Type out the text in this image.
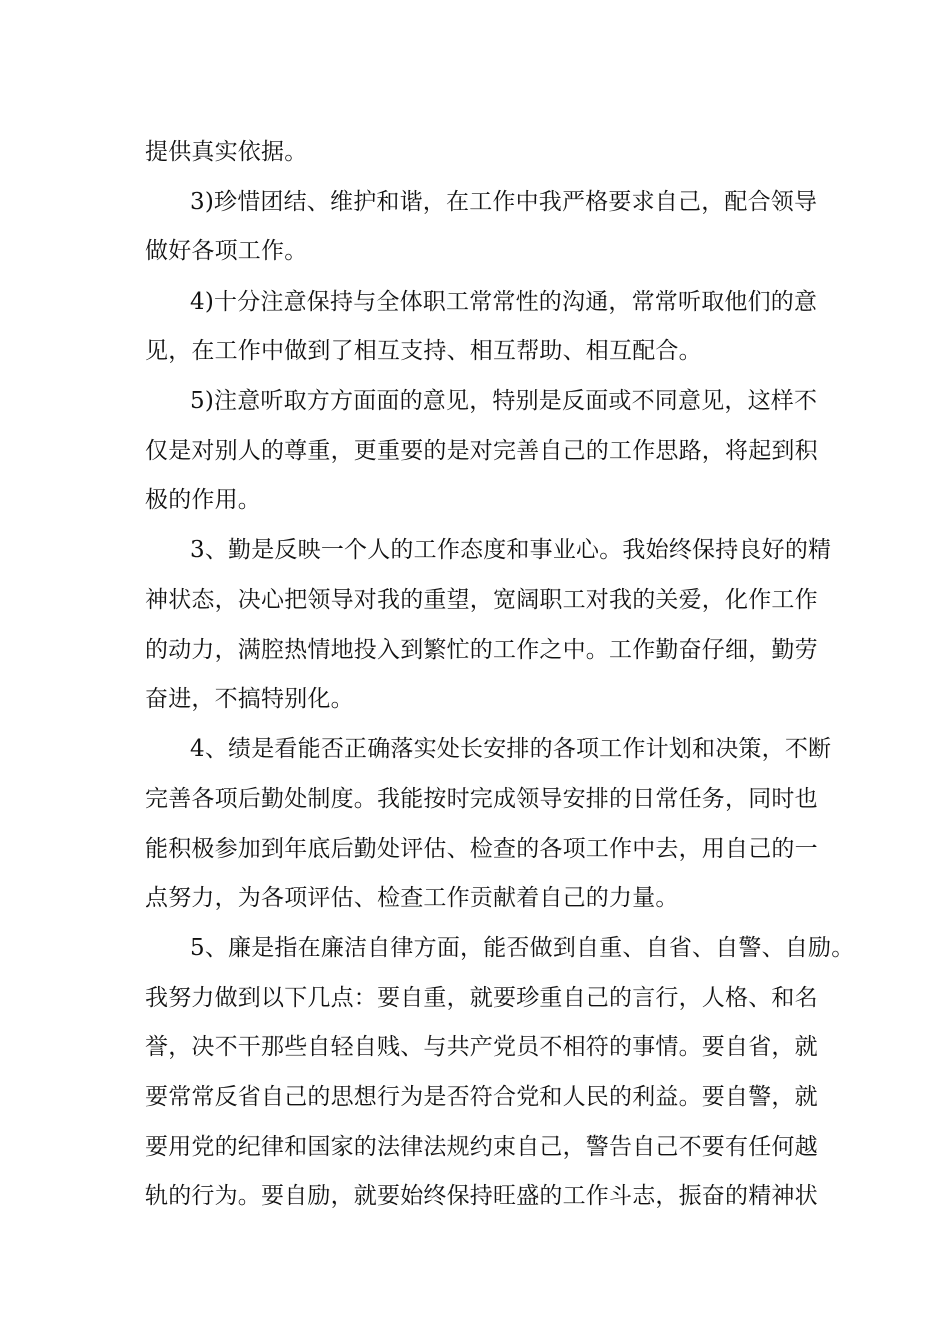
提供真实依据。
3)珍惜团结、维护和谐，在工作中我严格要求自己，配合领导
做好各项工作。
4)十分注意保持与全体职工常常性的沟通，常常听取他们的意
见，在工作中做到了相互支持、相互帮助、相互配合。
5)注意听取方方面面的意见，特别是反面或不同意见，这样不
仅是对别人的尊重，更重要的是对完善自己的工作思路，将起到积
极的作用。
3、勤是反映一个人的工作态度和事业心。我始终保持良好的精
神状态，决心把领导对我的重望，宽阔职工对我的关爱，化作工作
的动力，满腔热情地投入到繁忙的工作之中。工作勤奋仔细，勤劳
奋进，不搞特别化。
4、绩是看能否正确落实处长安排的各项工作计划和决策，不断
完善各项后勤处制度。我能按时完成领导安排的日常任务，同时也
能积极参加到年底后勤处评估、检查的各项工作中去，用自己的一
点努力，为各项评估、检查工作贡献着自己的力量。
5、廉是指在廉洁自律方面，能否做到自重、自省、自警、自励。
我努力做到以下几点：要自重，就要珍重自己的言行，人格、和名
誉，决不干那些自轻自贱、与共产党员不相符的事情。要自省，就
要常常反省自己的思想行为是否符合党和人民的利益。要自警，就
要用党的纪律和国家的法律法规约束自己，警告自己不要有任何越
轨的行为。要自励，就要始终保持旺盛的工作斗志，振奋的精神状
